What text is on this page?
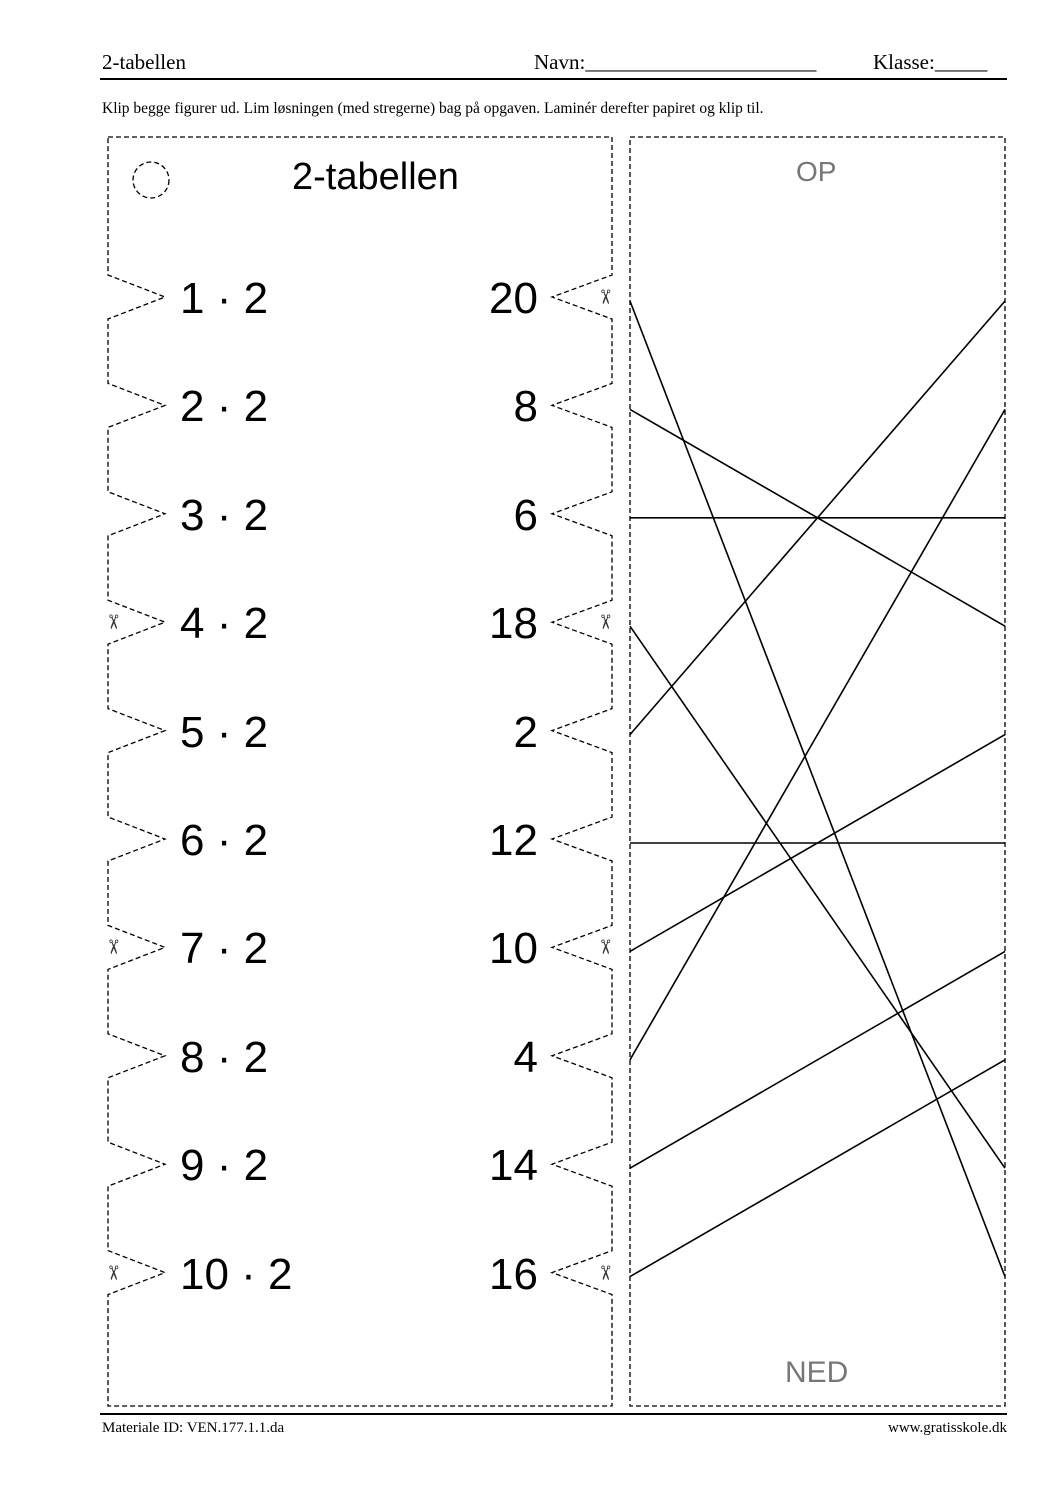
2-tabellen	Navn:______________________	Klasse:_____
Klip begge figurer ud. Lim løsningen (med stregerne) bag på opgaven. Laminér derefter papiret og klip til.
2-tabellen
1 · 2	20
2 · 2	8
3 · 2	6
4 · 2	18
5 · 2	2
6 · 2	12
7 · 2	10
8 · 2	4
9 · 2	14
10 · 2	16
✂
✂
✂
✂
✂
✂
✂
OP
NED
Materiale ID: VEN.177.1.1.da	www.gratisskole.dk
